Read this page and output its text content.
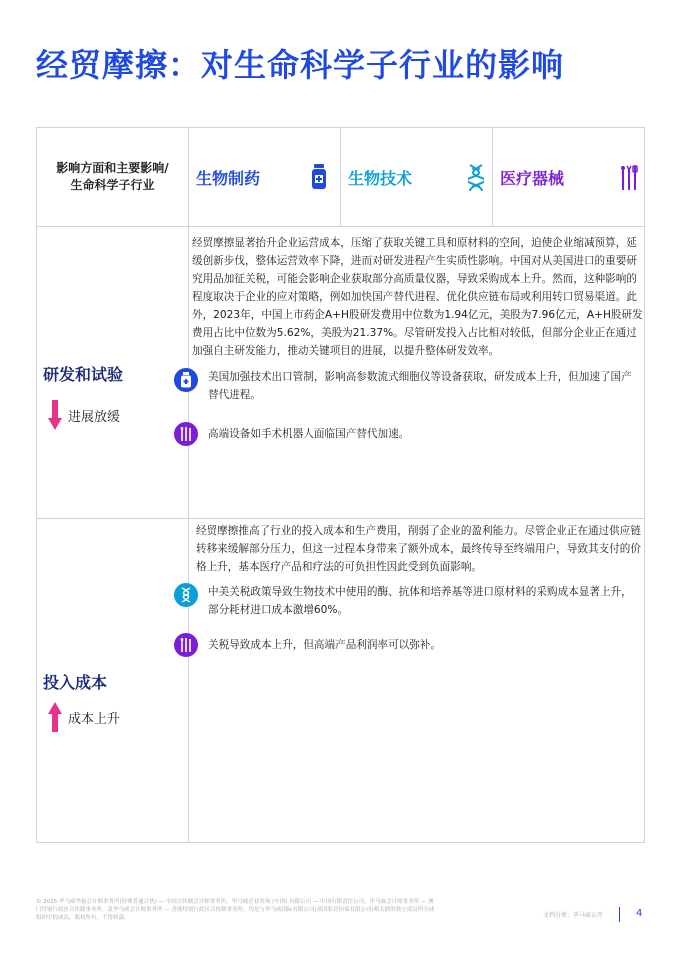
经贸摩擦：对生命科学子行业的影响
影响方面和主要影响/
生命科学子行业	生物制药	生物技术	医疗器械
研发和试验
进展放缓
经贸摩擦显著抬升企业运营成本，压缩了获取关键工具和原材料的空间，迫使企业缩减预算，延缓创新步伐，整体运营效率下降，进而对研发进程产生实质性影响。中国对从美国进口的重要研究用品加征关税，可能会影响企业获取部分高质量仪器，导致采购成本上升。然而，这种影响的程度取决于企业的应对策略，例如加快国产替代进程、优化供应链布局或利用转口贸易渠道。此外，2023年，中国上市药企A+H股研发费用中位数为1.94亿元，美股为7.96亿元，A+H股研发费用占比中位数为5.62%，美股为21.37%。尽管研发投入占比相对较低，但部分企业正在通过加强自主研发能力，推动关键项目的进展，以提升整体研发效率。
美国加强技术出口管制，影响高参数流式细胞仪等设备获取，研发成本上升，但加速了国产替代进程。
高端设备如手术机器人面临国产替代加速。
投入成本
成本上升
经贸摩擦推高了行业的投入成本和生产费用，削弱了企业的盈利能力。尽管企业正在通过供应链转移来缓解部分压力，但这一过程本身带来了额外成本，最终传导至终端用户，导致其支付的价格上升，基本医疗产品和疗法的可负担性因此受到负面影响。
中美关税政策导致生物技术中使用的酶、抗体和培养基等进口原材料的采购成本显著上升，部分耗材进口成本激增60%。
关税导致成本上升，但高端产品利润率可以弥补。
© 2025 毕马威华振会计师事务所(特殊普通合伙) — 中国合伙制会计师事务所，毕马威企业咨询 (中国) 有限公司 — 中国有限责任公司，毕马威会计师事务所 — 澳门特别行政区合伙制事务所，及毕马威会计师事务所 — 香港特别行政区合伙制事务所，均是与毕马威国际有限公司(英国私营担保有限公司)相关联的独立成员所全球组织中的成员。版权所有，不得转载。	文档分类：毕马威公开	4
